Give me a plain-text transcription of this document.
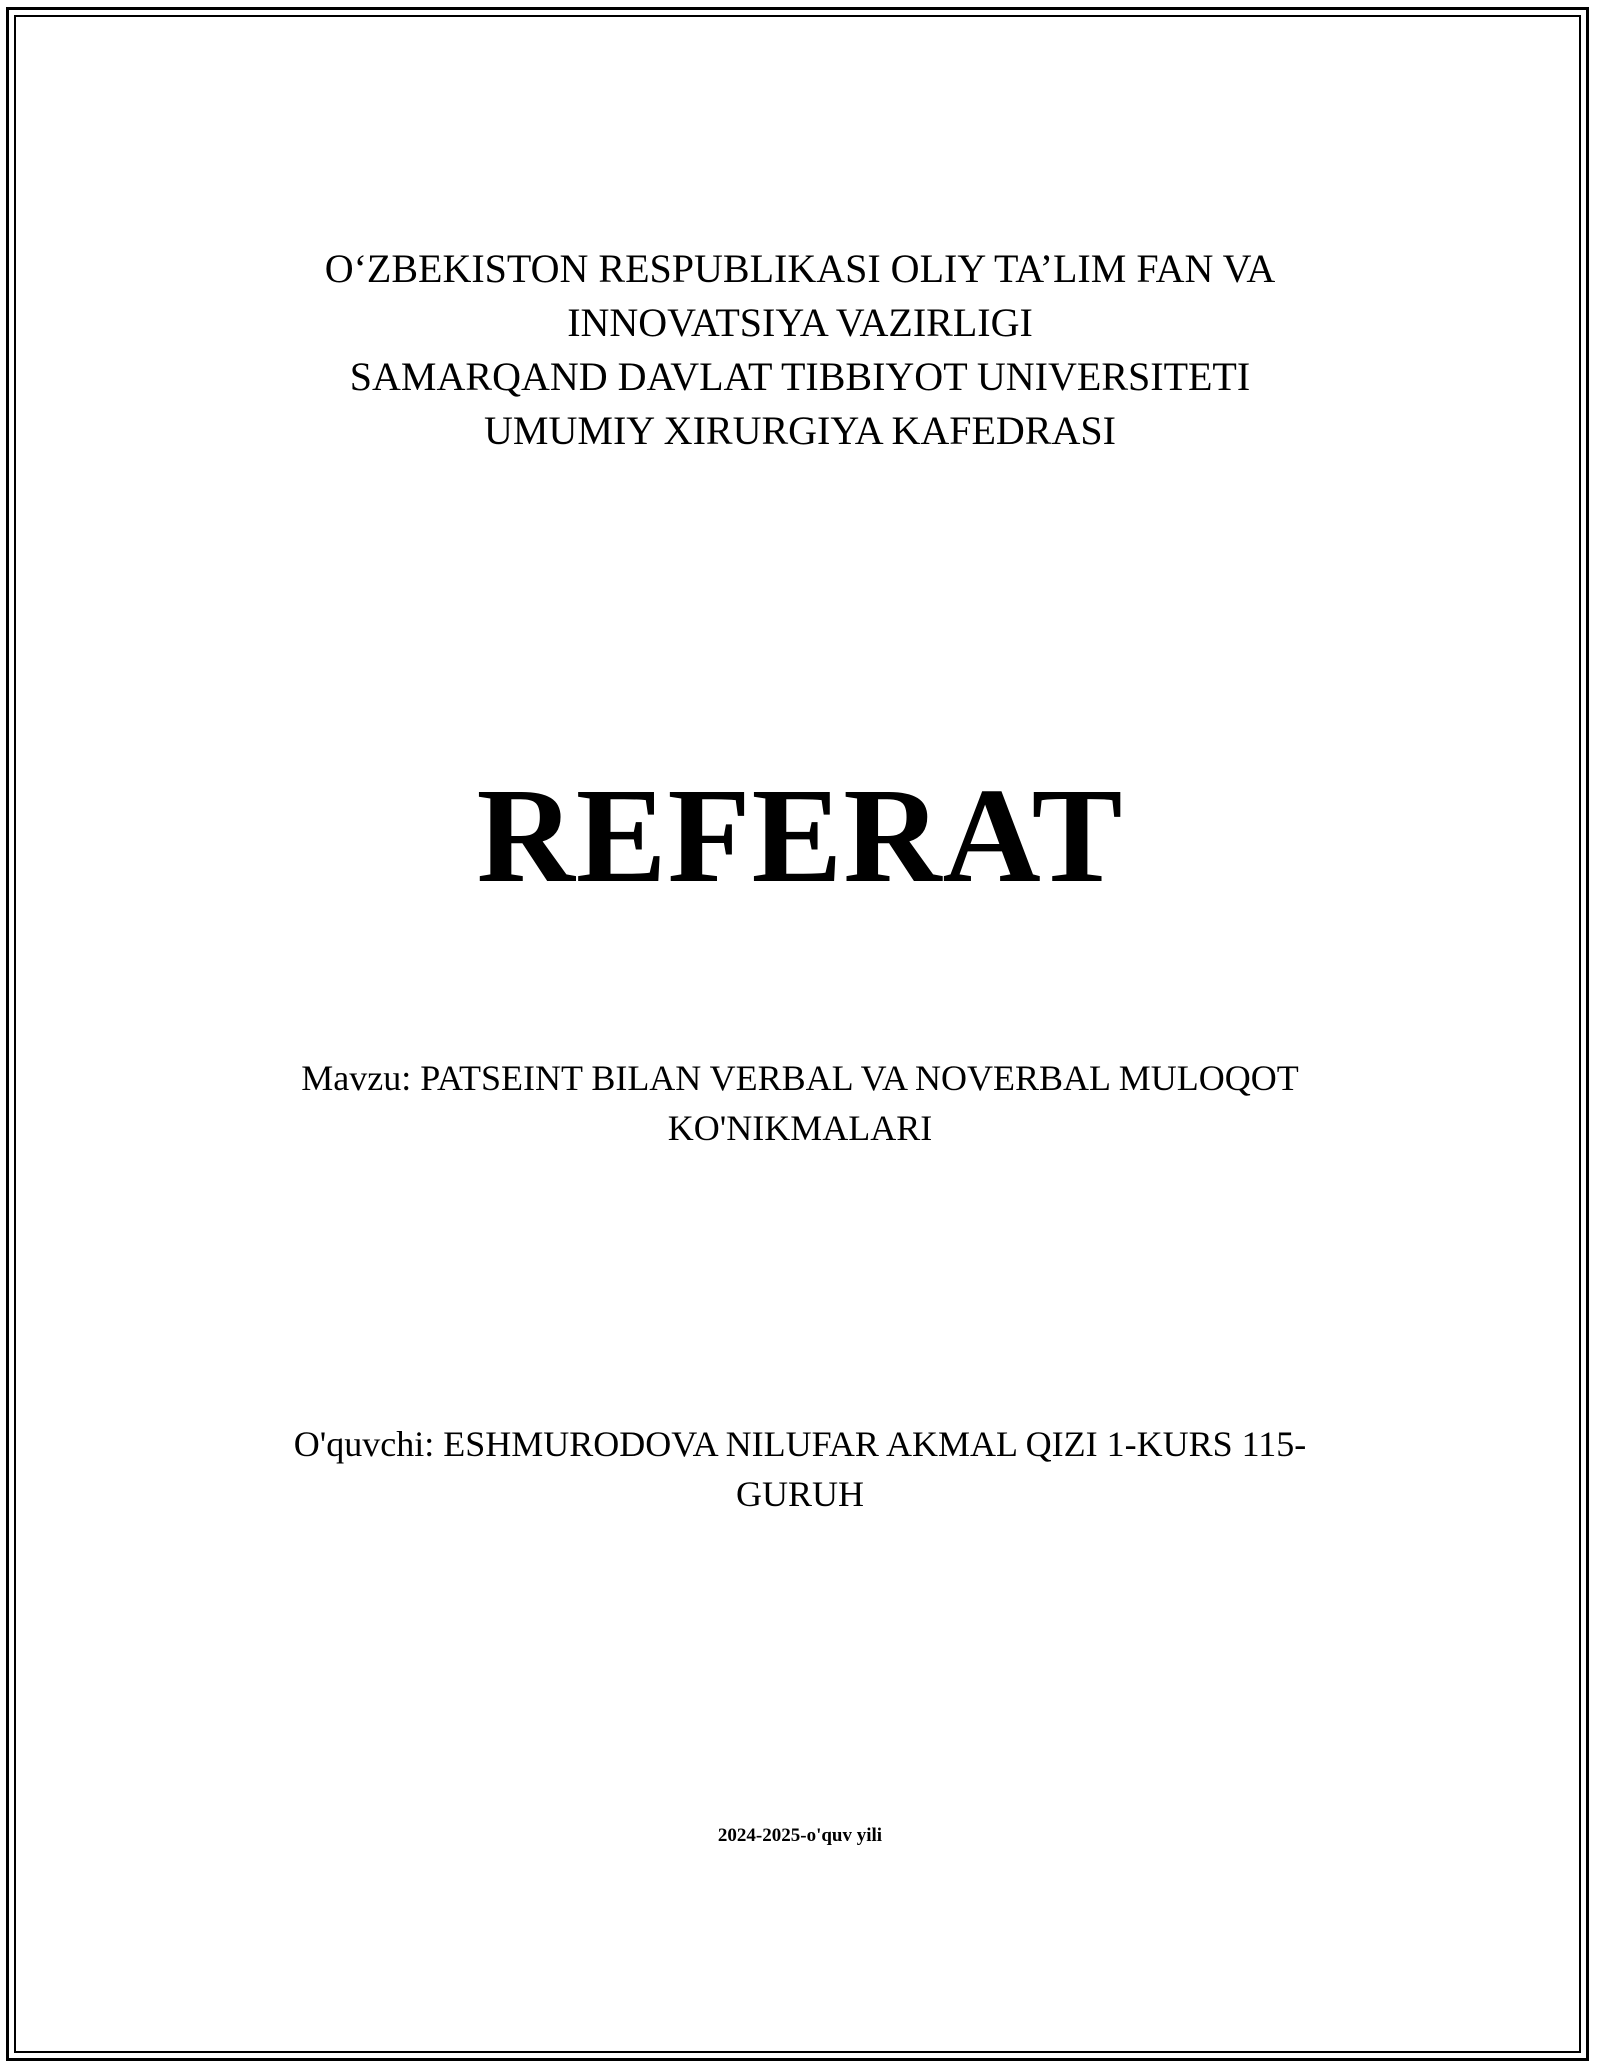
O‘ZBEKISTON RESPUBLIKASI OLIY TA’LIM FAN VA
INNOVATSIYA VAZIRLIGI
SAMARQAND DAVLAT TIBBIYOT UNIVERSITETI
UMUMIY XIRURGIYA KAFEDRASI
REFERAT
Mavzu: PATSEINT BILAN VERBAL VA NOVERBAL MULOQOT
KO'NIKMALARI
O'quvchi: ESHMURODOVA NILUFAR AKMAL QIZI 1-KURS 115-
GURUH
2024-2025-o'quv yili
